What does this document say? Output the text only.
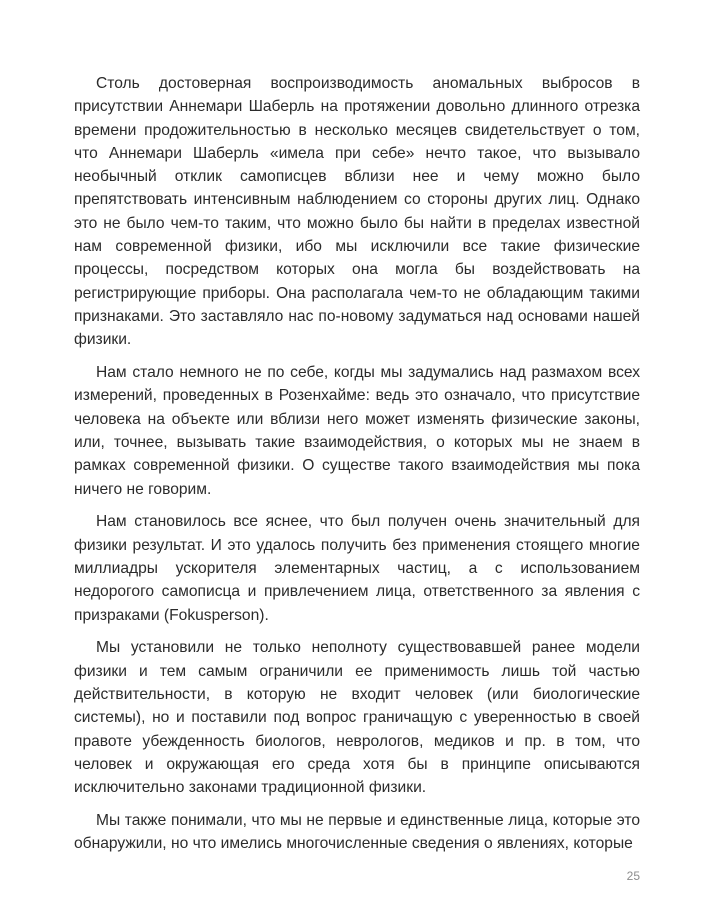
Столь достоверная воспроизводимость аномальных выбросов в присутствии Аннемари Шаберль на протяжении довольно длинного отрезка времени продожительностью в несколько месяцев свидетельствует о том, что Аннемари Шаберль «имела при себе» нечто такое, что вызывало необычный отклик самописцев вблизи нее и чему можно было препятствовать интенсивным наблюдением со стороны других лиц. Однако это не было чем-то таким, что можно было бы найти в пределах известной нам современной физики, ибо мы исключили все такие физические процессы, посредством которых она могла бы воздействовать на регистрирующие приборы. Она располагала чем-то не обладающим такими признаками. Это заставляло нас по-новому задуматься над основами нашей физики.

Нам стало немного не по себе, когды мы задумались над размахом всех измерений, проведенных в Розенхайме: ведь это означало, что присутствие человека на объекте или вблизи него может изменять физические законы, или, точнее, вызывать такие взаимодействия, о которых мы не знаем в рамках современной физики. О существе такого взаимодействия мы пока ничего не говорим.

Нам становилось все яснее, что был получен очень значительный для физики результат. И это удалось получить без применения стоящего многие миллиадры ускорителя элементарных частиц, а с использованием недорогого самописца и привлечением лица, ответственного за явления с призраками (Fokusperson).

Мы установили не только неполноту существовавшей ранее модели физики и тем самым ограничили ее применимость лишь той частью действительности, в которую не входит человек (или биологические системы), но и поставили под вопрос граничащую с уверенностью в своей правоте убежденность биологов, неврологов, медиков и пр. в том, что человек и окружающая его среда хотя бы в принципе описываются исключительно законами традиционной физики.

Мы также понимали, что мы не первые и единственные лица, которые это обнаружили, но что имелись многочисленные сведения о явлениях, которые

25
